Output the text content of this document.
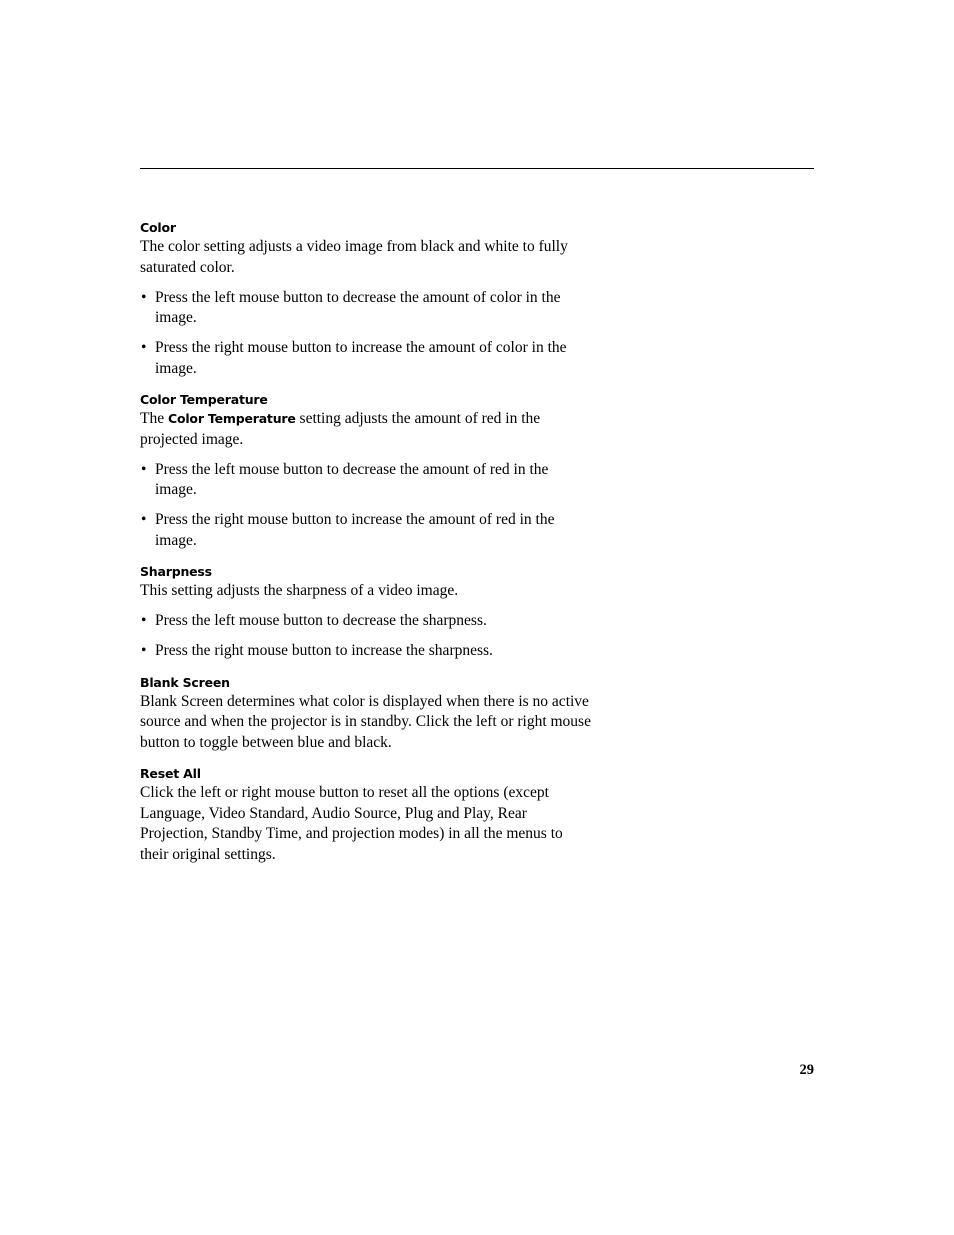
Color

The color setting adjusts a video image from black and white to fully saturated color.

• Press the left mouse button to decrease the amount of color in the image.
• Press the right mouse button to increase the amount of color in the image.
Color Temperature

The Color Temperature setting adjusts the amount of red in the projected image.

• Press the left mouse button to decrease the amount of red in the image.
• Press the right mouse button to increase the amount of red in the image.
Sharpness

This setting adjusts the sharpness of a video image.

• Press the left mouse button to decrease the sharpness.
• Press the right mouse button to increase the sharpness.
Blank Screen

Blank Screen determines what color is displayed when there is no active source and when the projector is in standby. Click the left or right mouse button to toggle between blue and black.

Reset All

Click the left or right mouse button to reset all the options (except Language, Video Standard, Audio Source, Plug and Play, Rear Projection, Standby Time, and projection modes) in all the menus to their original settings.

29
